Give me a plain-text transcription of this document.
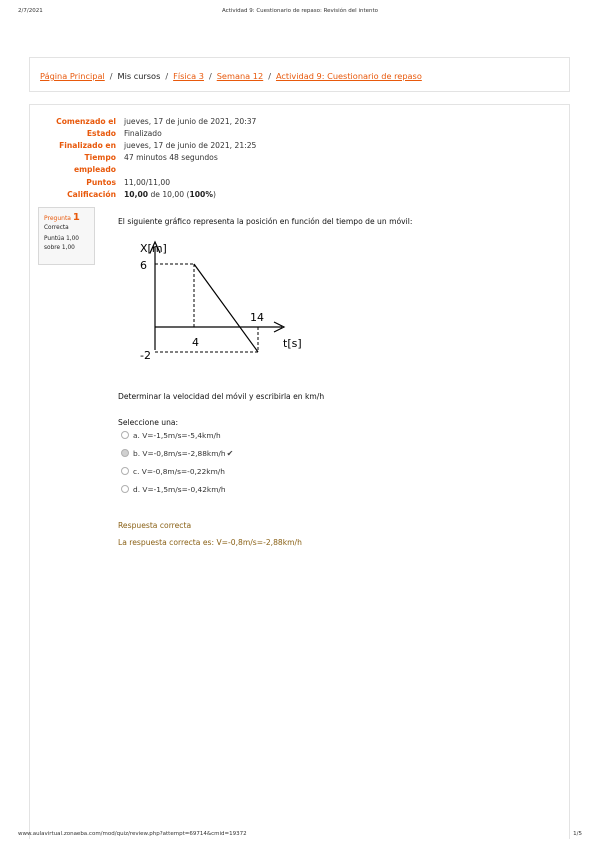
2/7/2021	Actividad 9: Cuestionario de repaso: Revisión del intento
Página Principal / Mis cursos / Física 3 / Semana 12 / Actividad 9: Cuestionario de repaso
Comenzado el jueves, 17 de junio de 2021, 20:37
Estado Finalizado
Finalizado en jueves, 17 de junio de 2021, 21:25
Tiempo empleado
47 minutos 48 segundos
Puntos 11,00/11,00
Calificación 10,00 de 10,00 (100%)
Pregunta 1
Correcta
Puntúa 1,00 sobre 1,00
El siguiente gráfico representa la posición en función del tiempo de un móvil:
X[m]
6
-2
4
14
t[s]
Determinar la velocidad del móvil y escribirla en km/h
Seleccione una:
a. V=-1,5m/s=-5,4km/h
b. V=-0,8m/s=-2,88km/h✔
c. V=-0,8m/s=-0,22km/h
d. V=-1,5m/s=-0,42km/h
Respuesta correcta
La respuesta correcta es: V=-0,8m/s=-2,88km/h
www.aulavirtual.zonaeba.com/mod/quiz/review.php?attempt=69714&cmid=19372	1/5
